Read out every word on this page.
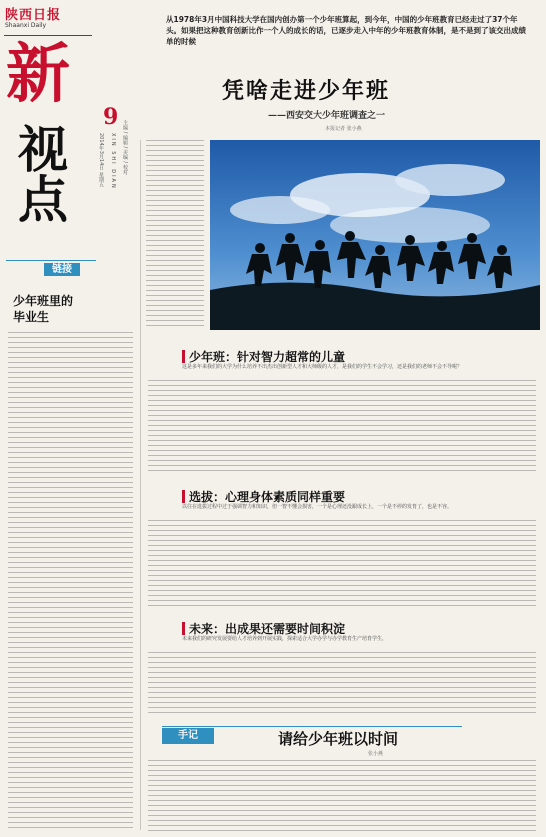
陕西日报
Shaanxi Daily
新
9
视点	XIN SHI DIAN
2014年3月14日 星期五	主编 / 编辑 / 美编 / 校对
链接
少年班里的
毕业生
从1978年3月中国科技大学在国内创办第一个少年班算起，到今年，中国的少年班教育已经走过了37个年头。如果把这种教育创新比作一个人的成长的话，已逐步走入中年的少年班教育体制，是不是到了该交出成绩单的时候
凭啥走进少年班
——西安交大少年班调查之一
本报记者 张小燕
少年班：针对智力超常的儿童
这是多年来我们的大学为什么培养不出杰出创新型人才和大师级的人才，是我们的学生不会学习，还是我们的老师不会不导呢？
选拔：心理身体素质同样重要
以往在选拔过程中过于强调智力和知识，但一智不懂会损害，一个是心理还没跟成长上，一个是不停的发育了，也是不容。
未来：出成果还需要时间积淀
未来我们的研究发展要给人才培养到开展实践，探索适合大学办学与办学教育生产培育学生，
手记	请给少年班以时间
张小燕
